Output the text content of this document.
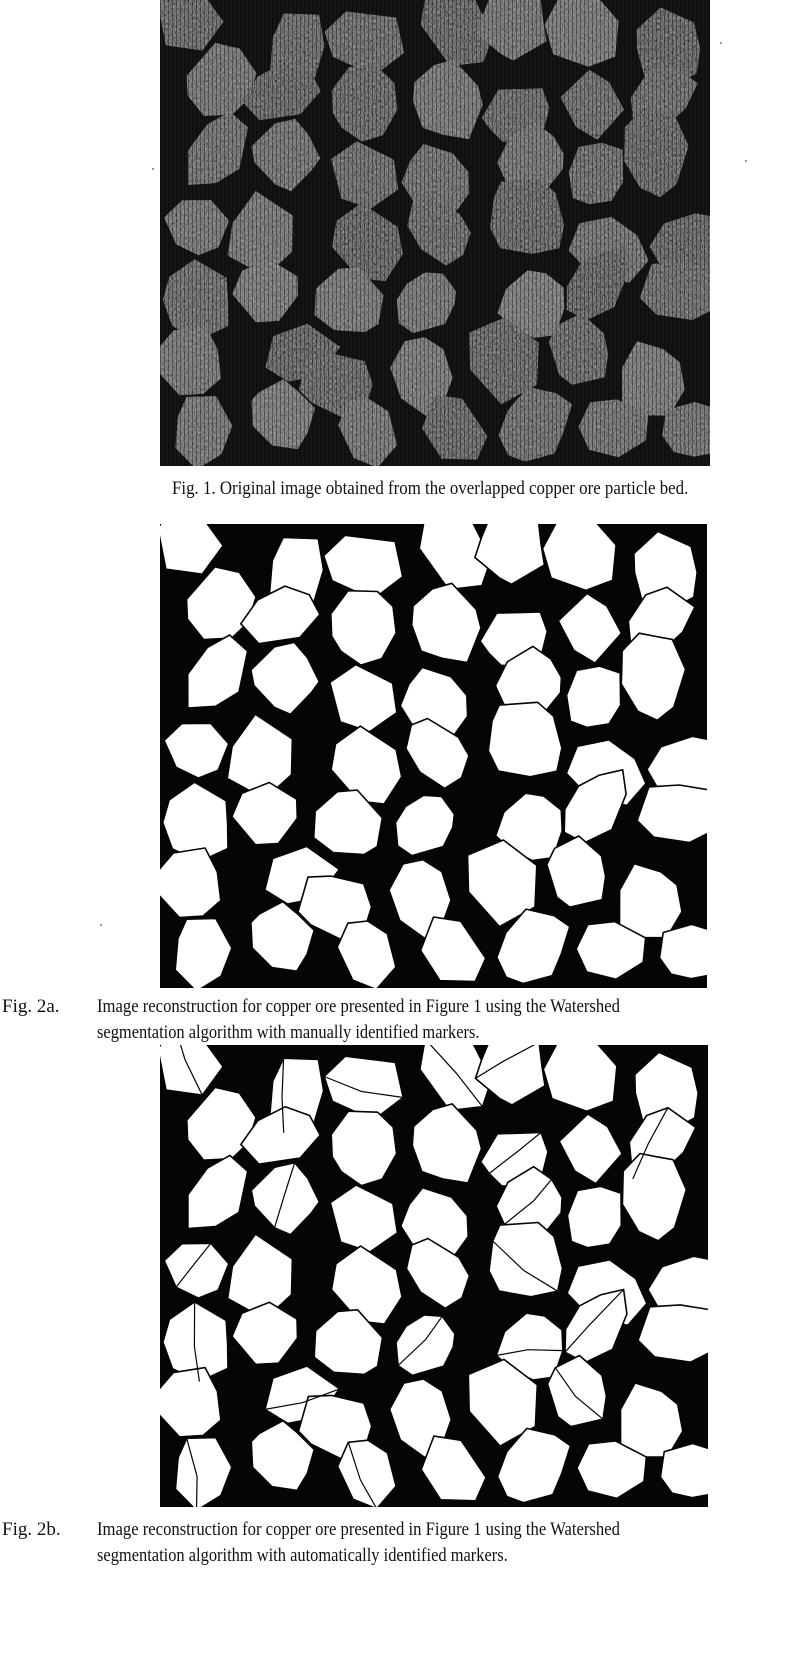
Fig. 1. Original image obtained from the overlapped copper ore particle bed.
Fig. 2a. Image reconstruction for copper ore presented in Figure 1 using the Watershed
segmentation algorithm with manually identified markers.
Fig. 2b. Image reconstruction for copper ore presented in Figure 1 using the Watershed
segmentation algorithm with automatically identified markers.
